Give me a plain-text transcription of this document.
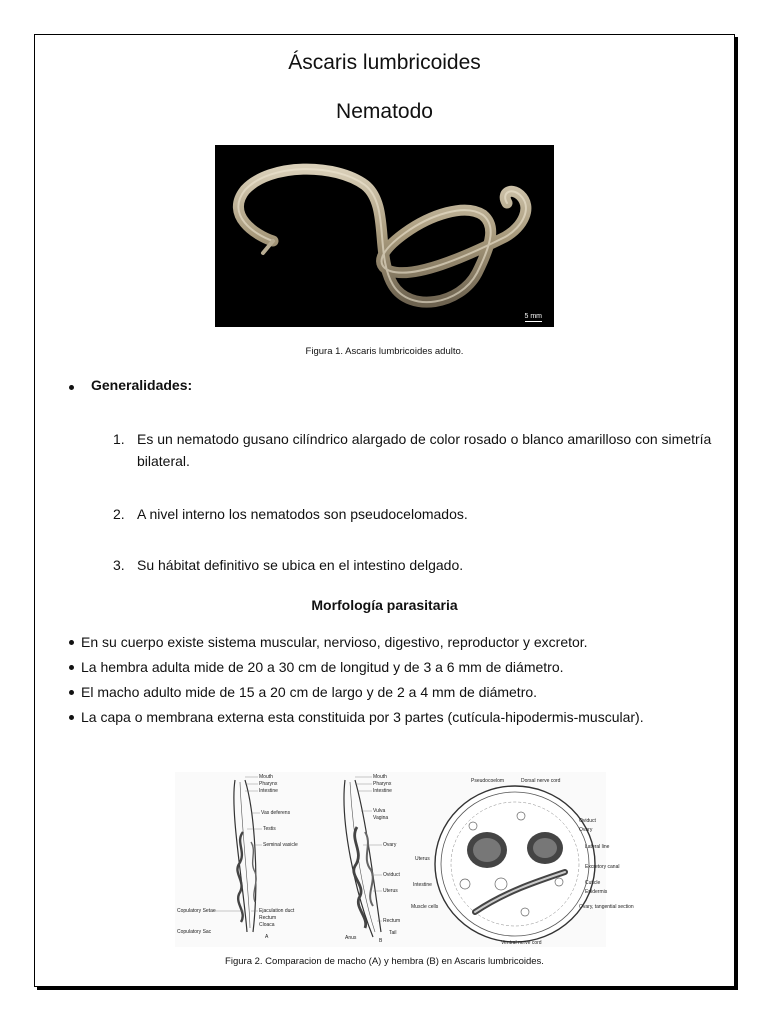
Áscaris lumbricoides
Nematodo
5 mm

Figura 1. Ascaris lumbricoides adulto.

Generalidades:

1. Es un nematodo gusano cilíndrico alargado de color rosado o blanco amarilloso con simetría bilateral.

2. A nivel interno los nematodos son pseudocelomados.

3. Su hábitat definitivo se ubica en el intestino delgado.

Morfología parasitaria

En su cuerpo existe sistema muscular, nervioso, digestivo, reproductor y excretor.

La hembra adulta mide de 20 a 30 cm de longitud y de 3 a 6 mm de diámetro.

El macho adulto mide de 15 a 20 cm de largo y de 2 a 4 mm de diámetro.

La capa o membrana externa esta constituida por 3 partes (cutícula-hipodermis-muscular).

Mouth
Pharynx
Intestine
Vas deferens
Testis
Seminal vasicle
Copulatory Setae	Ejaculation duct
Rectum
Cloaca
Copulatory Sac
A
Mouth
Pharynx
Intestine
Vulva
Vagina
Ovary
Oviduct
Uterus
Rectum
Anus
Tail
B
Pseudocoelom	Dorsal nerve cord
Oviduct
Ovary
Lateral line
Excretory canal
Cuticle
Epidermis
Ovary, tangential section
Ventral nerve cord
Muscle cells
Intestine
Uterus

Figura 2. Comparacion de macho (A) y hembra (B) en Ascaris lumbricoides.
